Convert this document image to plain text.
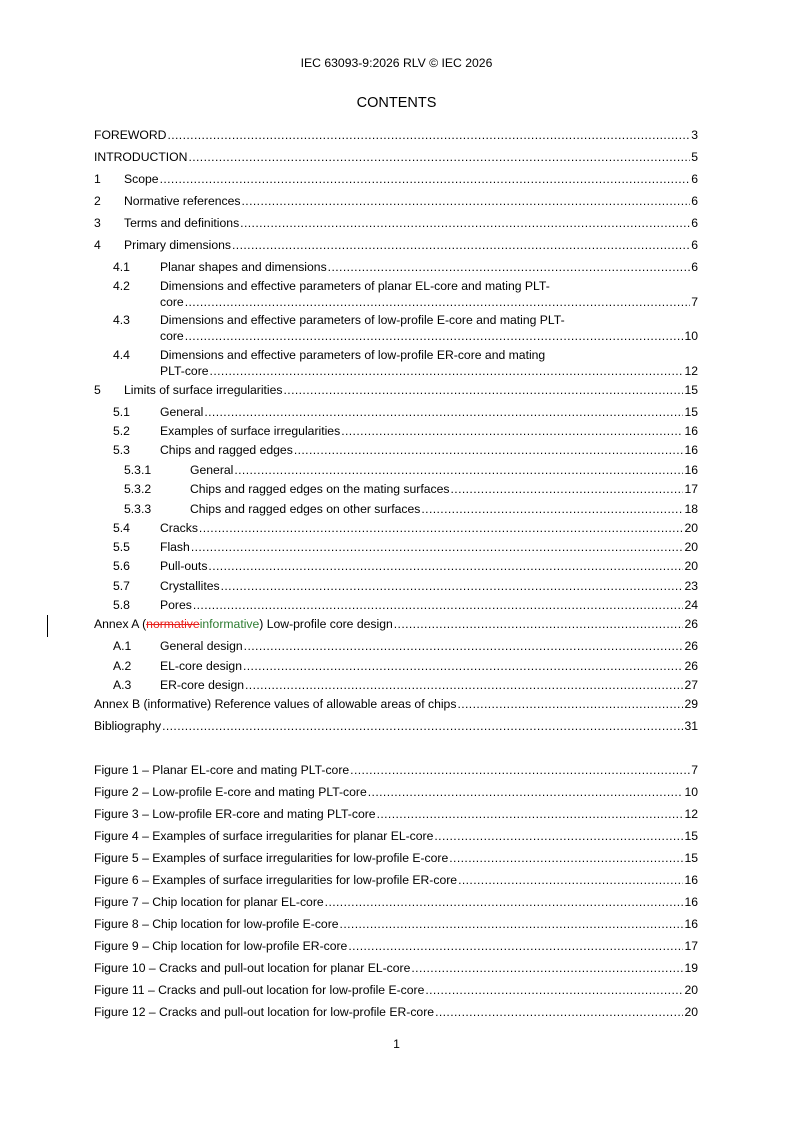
IEC 63093-9:2026 RLV © IEC 2026
CONTENTS
FOREWORD .....	3
INTRODUCTION .....	5
1	Scope .....	6
2	Normative references .....	6
3	Terms and definitions .....	6
4	Primary dimensions .....	6
4.1	Planar shapes and dimensions .....	6
4.2	Dimensions and effective parameters of planar EL-core and mating PLT-
core .....	7
4.3	Dimensions and effective parameters of low-profile E-core and mating PLT-
core .....	10
4.4	Dimensions and effective parameters of low-profile ER-core and mating
PLT-core .....	12
5	Limits of surface irregularities .....	15
5.1	General .....	15
5.2	Examples of surface irregularities .....	16
5.3	Chips and ragged edges .....	16
5.3.1	General .....	16
5.3.2	Chips and ragged edges on the mating surfaces .....	17
5.3.3	Chips and ragged edges on other surfaces .....	18
5.4	Cracks .....	20
5.5	Flash .....	20
5.6	Pull-outs .....	20
5.7	Crystallites .....	23
5.8	Pores .....	24
Annex A (normativeinformative) Low-profile core design .....	26
A.1	General design .....	26
A.2	EL-core design .....	26
A.3	ER-core design .....	27
Annex B (informative) Reference values of allowable areas of chips .....	29
Bibliography .....	31
Figure 1 – Planar EL-core and mating PLT-core .....	7
Figure 2 – Low-profile E-core and mating PLT-core .....	10
Figure 3 – Low-profile ER-core and mating PLT-core .....	12
Figure 4 – Examples of surface irregularities for planar EL-core .....	15
Figure 5 – Examples of surface irregularities for low-profile E-core .....	15
Figure 6 – Examples of surface irregularities for low-profile ER-core .....	16
Figure 7 – Chip location for planar EL-core .....	16
Figure 8 – Chip location for low-profile E-core .....	16
Figure 9 – Chip location for low-profile ER-core .....	17
Figure 10 – Cracks and pull-out location for planar EL-core .....	19
Figure 11 – Cracks and pull-out location for low-profile E-core .....	20
Figure 12 – Cracks and pull-out location for low-profile ER-core .....	20
1
